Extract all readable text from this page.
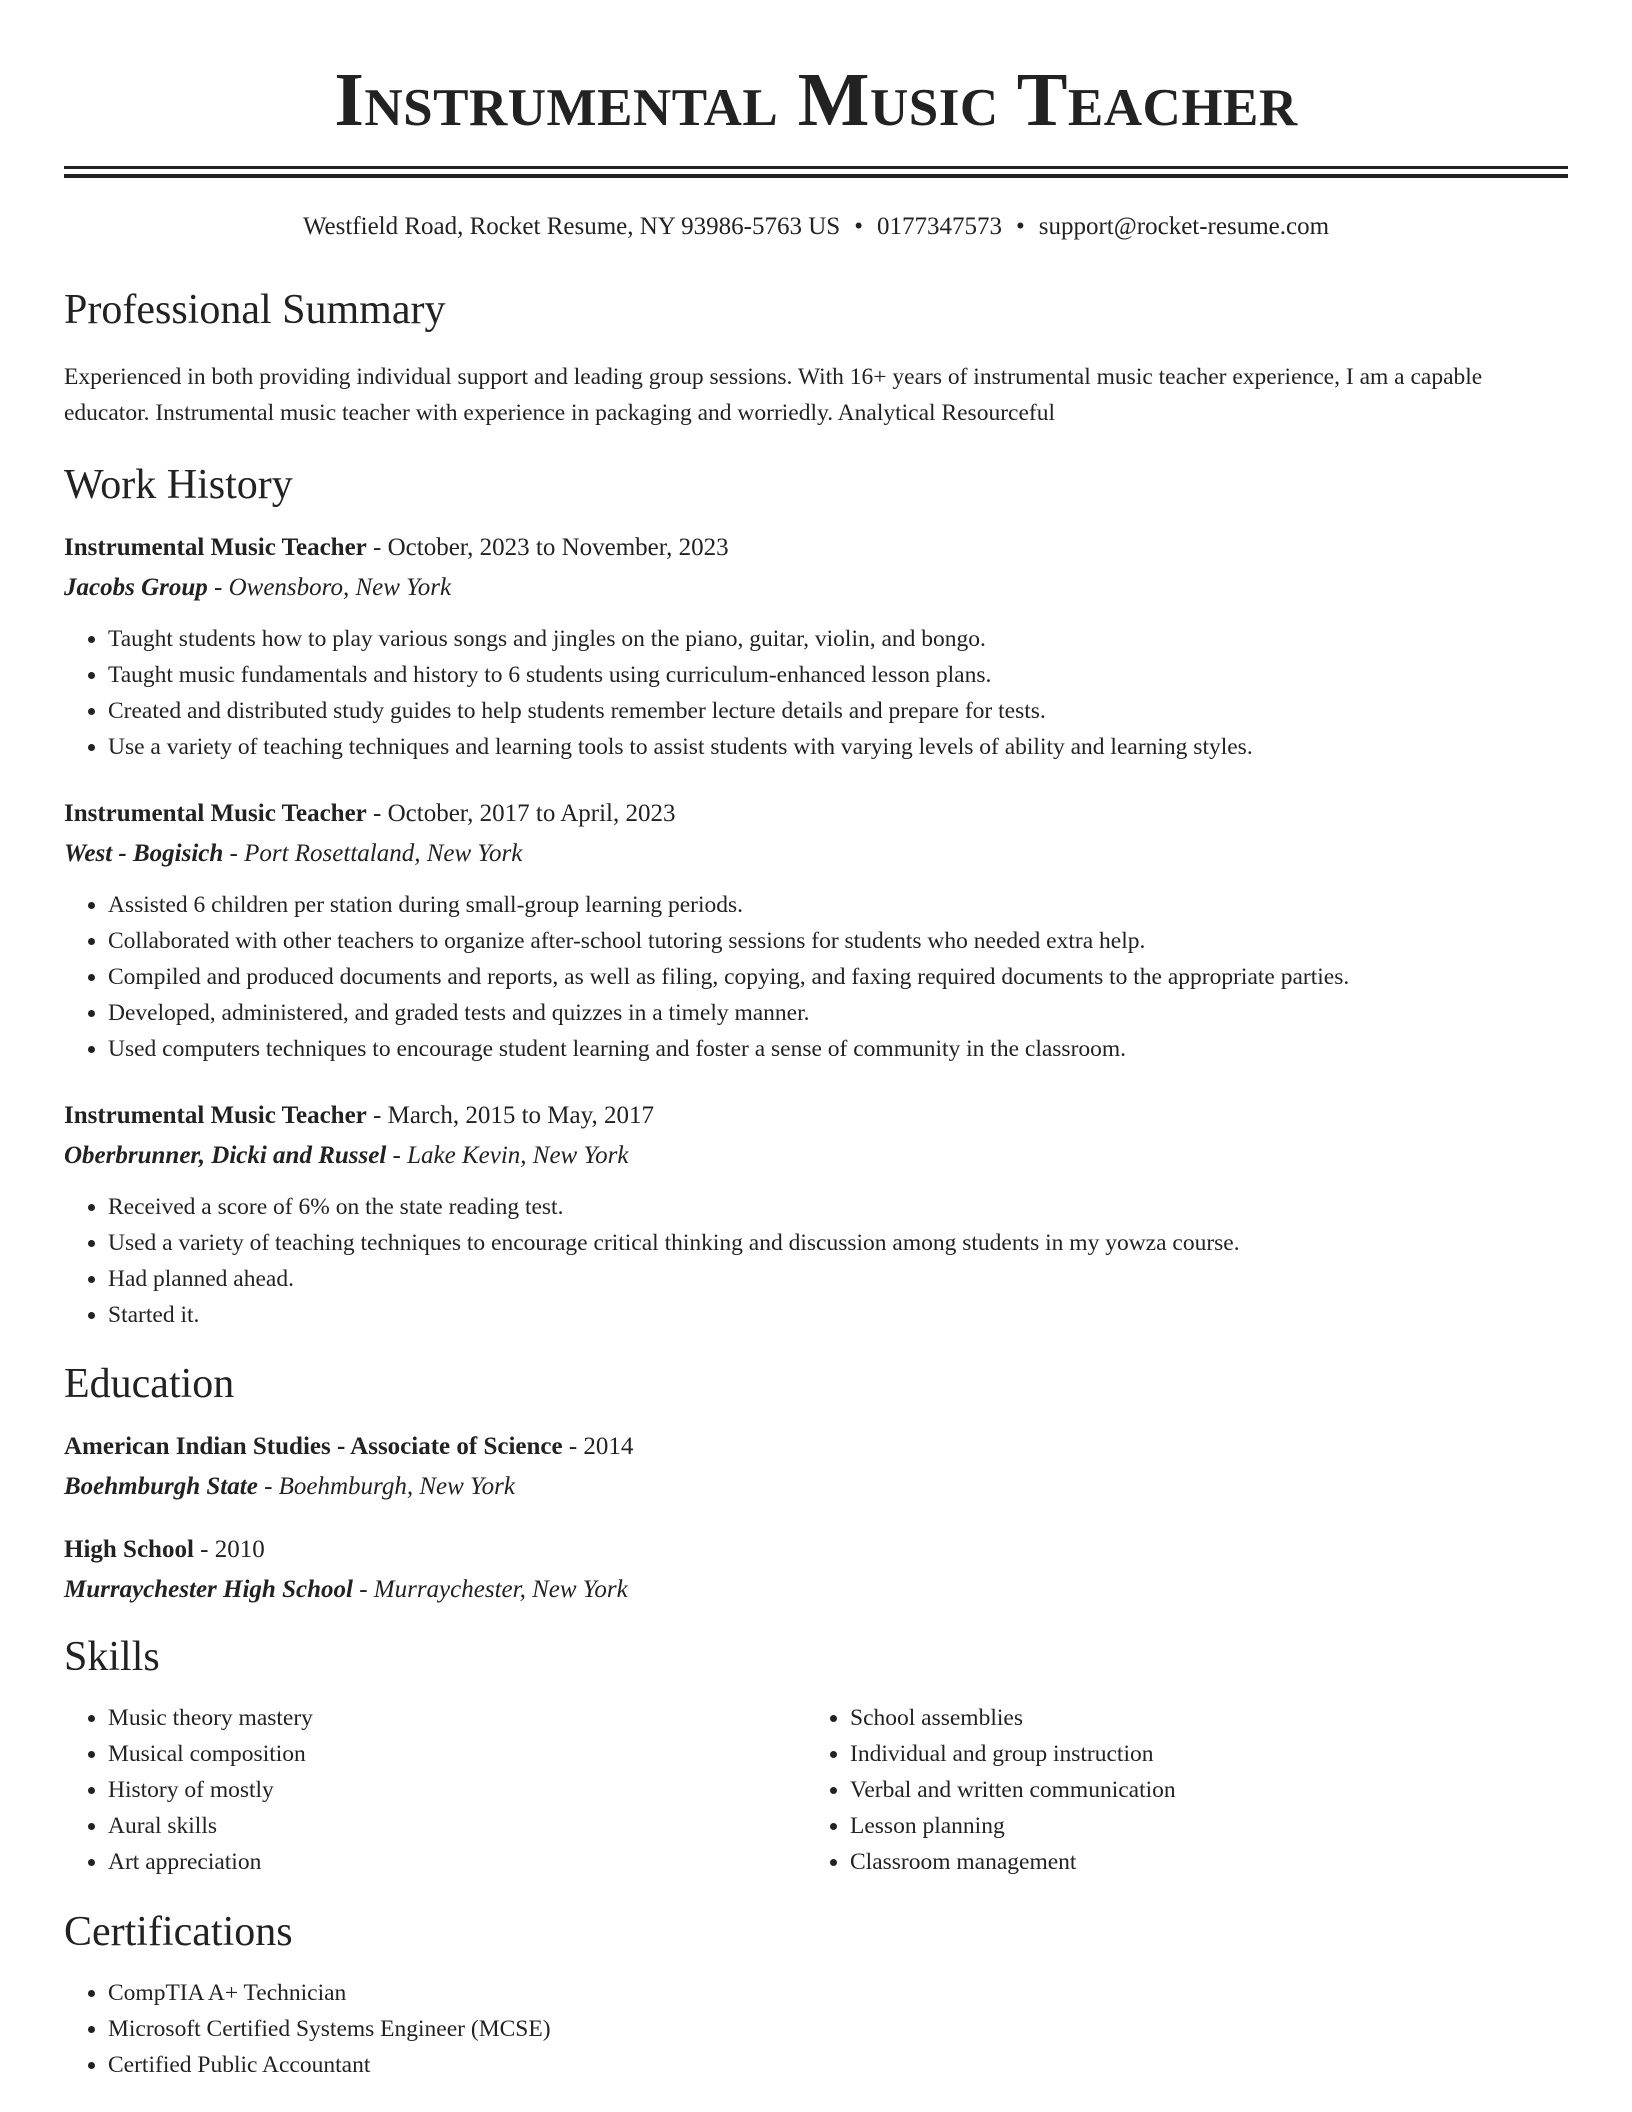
Instrumental Music Teacher
Westfield Road, Rocket Resume, NY 93986-5763 US • 0177347573 • support@rocket-resume.com
Professional Summary
Experienced in both providing individual support and leading group sessions. With 16+ years of instrumental music teacher experience, I am a capable educator. Instrumental music teacher with experience in packaging and worriedly. Analytical Resourceful
Work History
Instrumental Music Teacher - October, 2023 to November, 2023
Jacobs Group - Owensboro, New York
• Taught students how to play various songs and jingles on the piano, guitar, violin, and bongo.
• Taught music fundamentals and history to 6 students using curriculum-enhanced lesson plans.
• Created and distributed study guides to help students remember lecture details and prepare for tests.
• Use a variety of teaching techniques and learning tools to assist students with varying levels of ability and learning styles.
Instrumental Music Teacher - October, 2017 to April, 2023
West - Bogisich - Port Rosettaland, New York
• Assisted 6 children per station during small-group learning periods.
• Collaborated with other teachers to organize after-school tutoring sessions for students who needed extra help.
• Compiled and produced documents and reports, as well as filing, copying, and faxing required documents to the appropriate parties.
• Developed, administered, and graded tests and quizzes in a timely manner.
• Used computers techniques to encourage student learning and foster a sense of community in the classroom.
Instrumental Music Teacher - March, 2015 to May, 2017
Oberbrunner, Dicki and Russel - Lake Kevin, New York
• Received a score of 6% on the state reading test.
• Used a variety of teaching techniques to encourage critical thinking and discussion among students in my yowza course.
• Had planned ahead.
• Started it.
Education
American Indian Studies - Associate of Science - 2014
Boehmburgh State - Boehmburgh, New York
High School - 2010
Murraychester High School - Murraychester, New York
Skills
• Music theory mastery
• Musical composition
• History of mostly
• Aural skills
• Art appreciation
• School assemblies
• Individual and group instruction
• Verbal and written communication
• Lesson planning
• Classroom management
Certifications
• CompTIA A+ Technician
• Microsoft Certified Systems Engineer (MCSE)
• Certified Public Accountant
